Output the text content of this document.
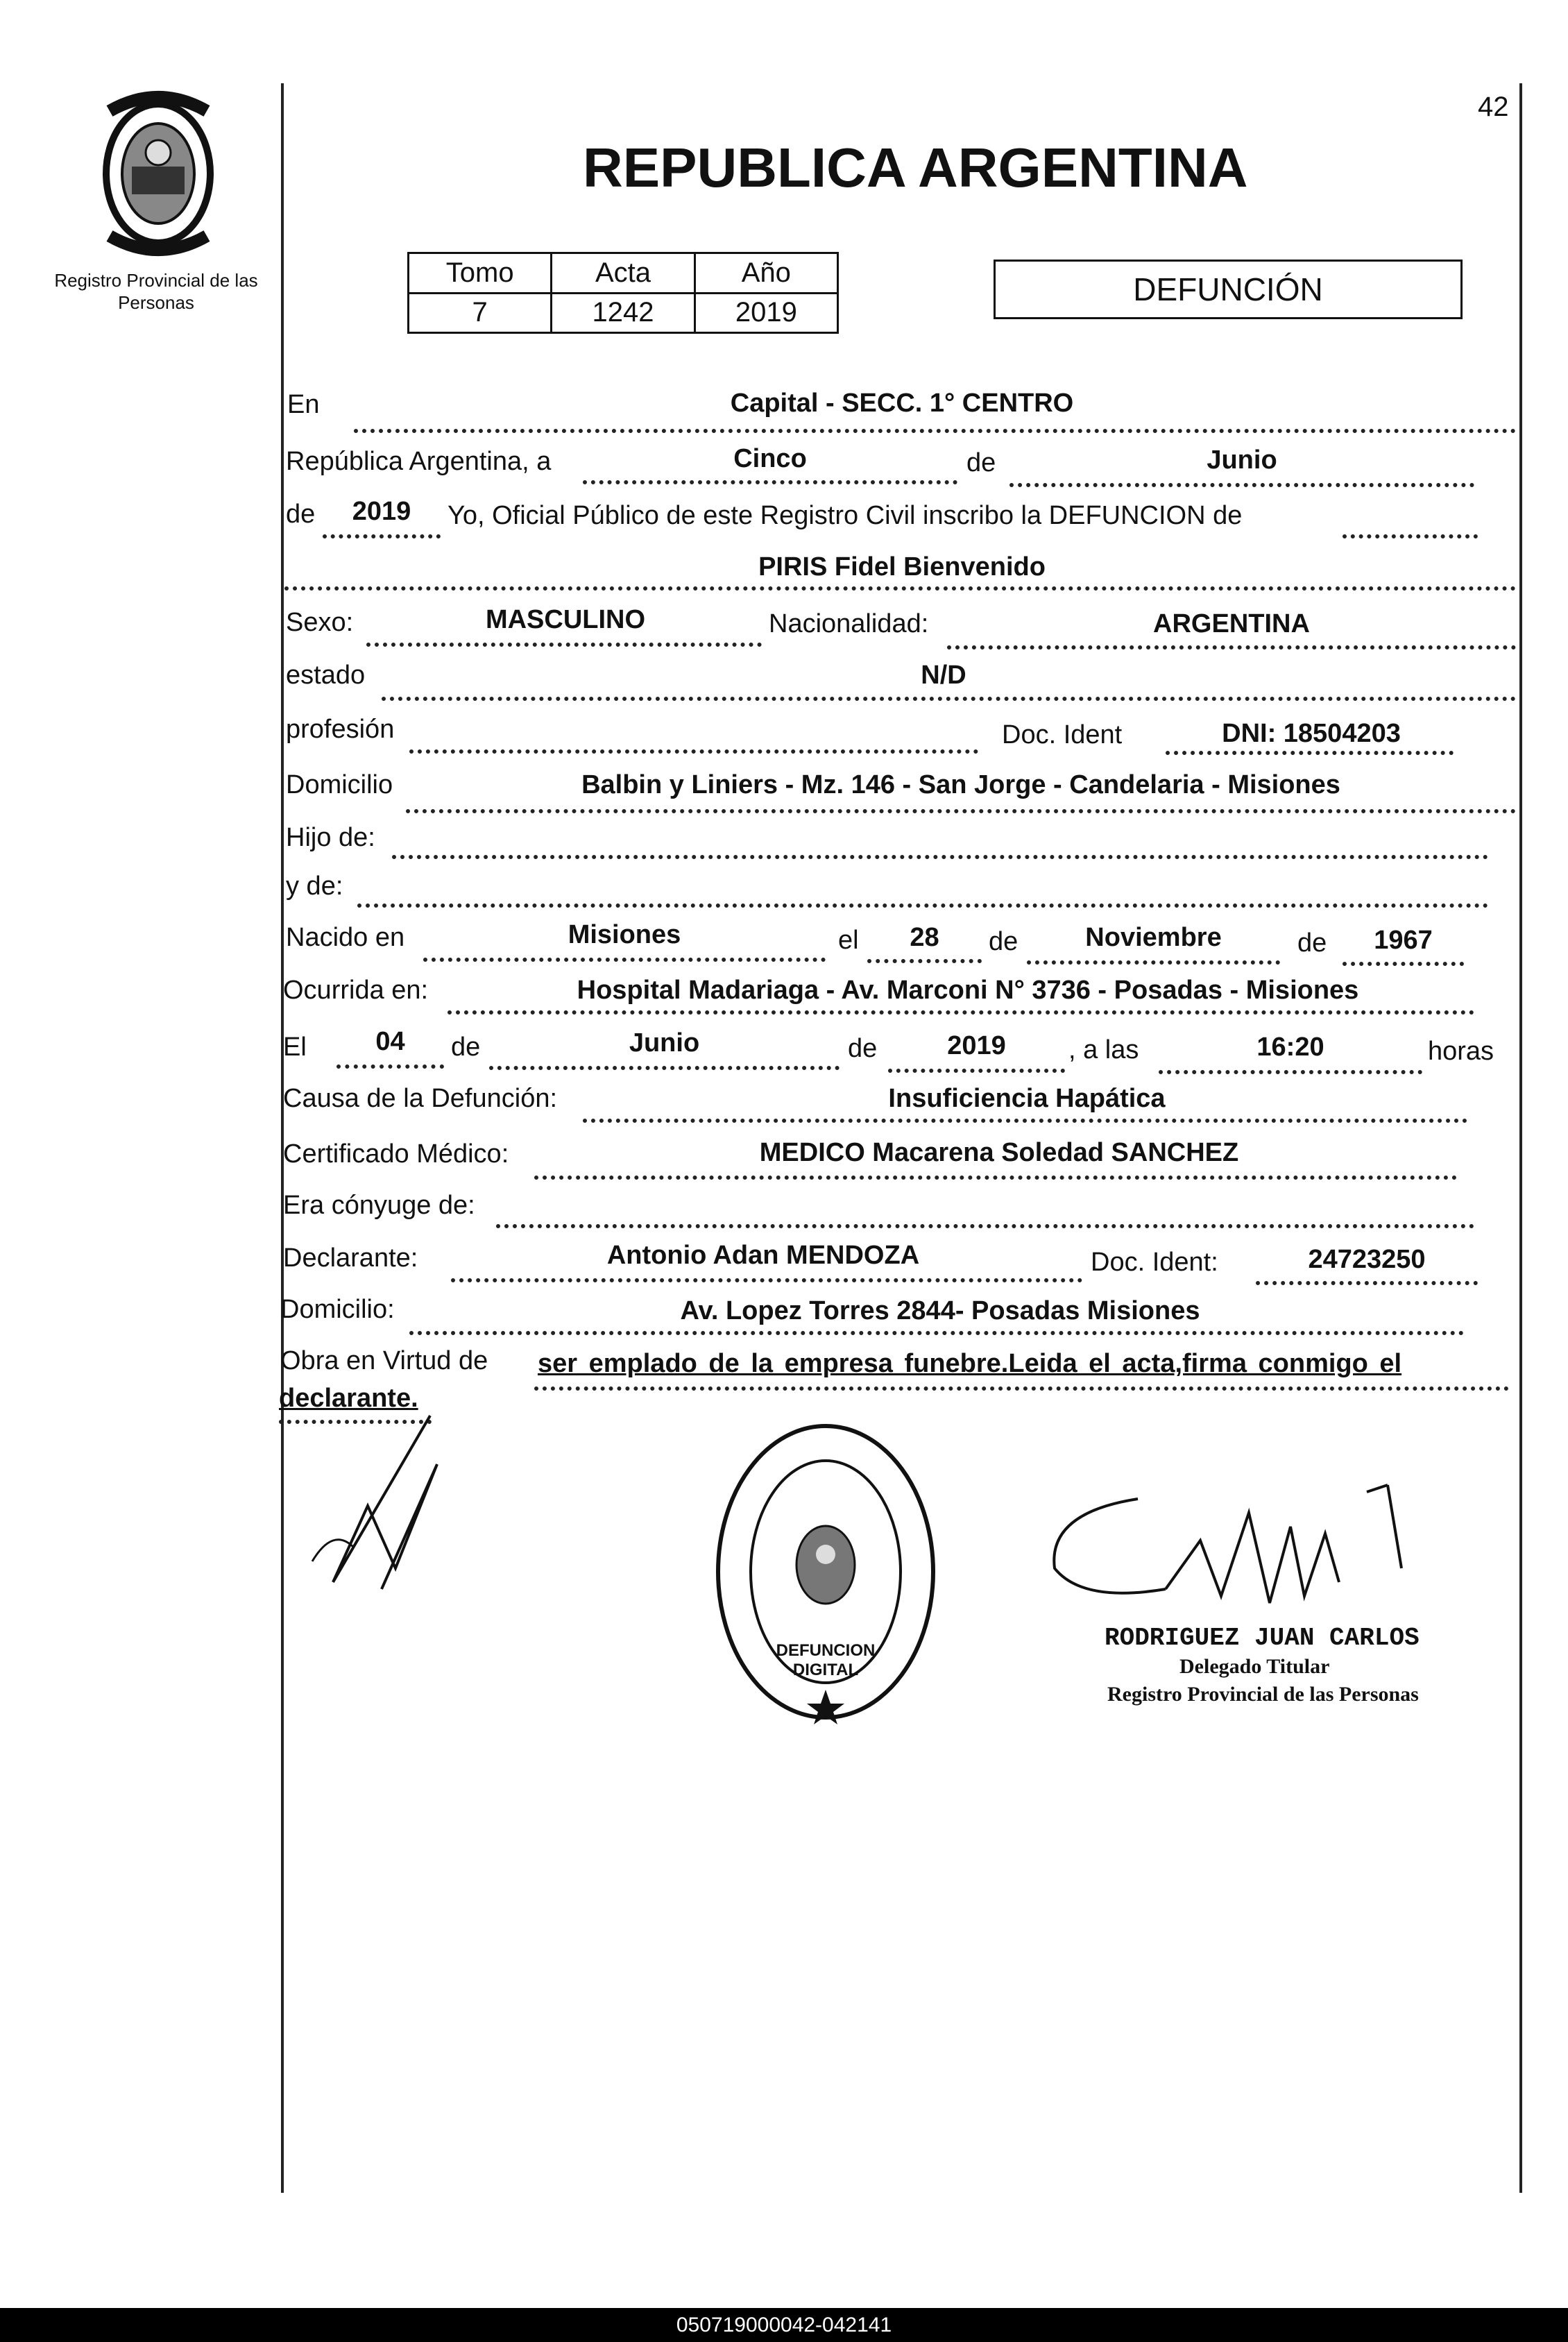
Registro Provincial de las Personas
42
REPUBLICA ARGENTINA
Tomo	Acta	Año
7	1242	2019
DEFUNCIÓN
En	Capital - SECC. 1° CENTRO
República Argentina, a	Cinco	de	Junio
de	2019	Yo, Oficial Público de este Registro Civil inscribo la DEFUNCION de
PIRIS Fidel Bienvenido
Sexo:	MASCULINO	Nacionalidad:	ARGENTINA
estado	N/D
profesión	Doc. Ident	DNI: 18504203
Domicilio	Balbin y Liniers - Mz. 146 - San Jorge - Candelaria - Misiones
Hijo de:
y de:
Nacido en	Misiones	el	28	de	Noviembre	de	1967
Ocurrida en:	Hospital Madariaga - Av. Marconi N° 3736 - Posadas - Misiones
El	04	de	Junio	de	2019	, a las	16:20	horas
Causa de la Defunción:	Insuficiencia Hapática
Certificado Médico:	MEDICO Macarena Soledad SANCHEZ
Era cónyuge de:
Declarante:	Antonio Adan MENDOZA	Doc. Ident:	24723250
Domicilio:	Av. Lopez Torres 2844- Posadas Misiones
Obra en Virtud de ser emplado de la empresa funebre.Leida el acta,firma conmigo el
declarante.
DEFUNCION DIGITAL
RODRIGUEZ JUAN CARLOS
Delegado Titular
Registro Provincial de las Personas
050719000042-042141
